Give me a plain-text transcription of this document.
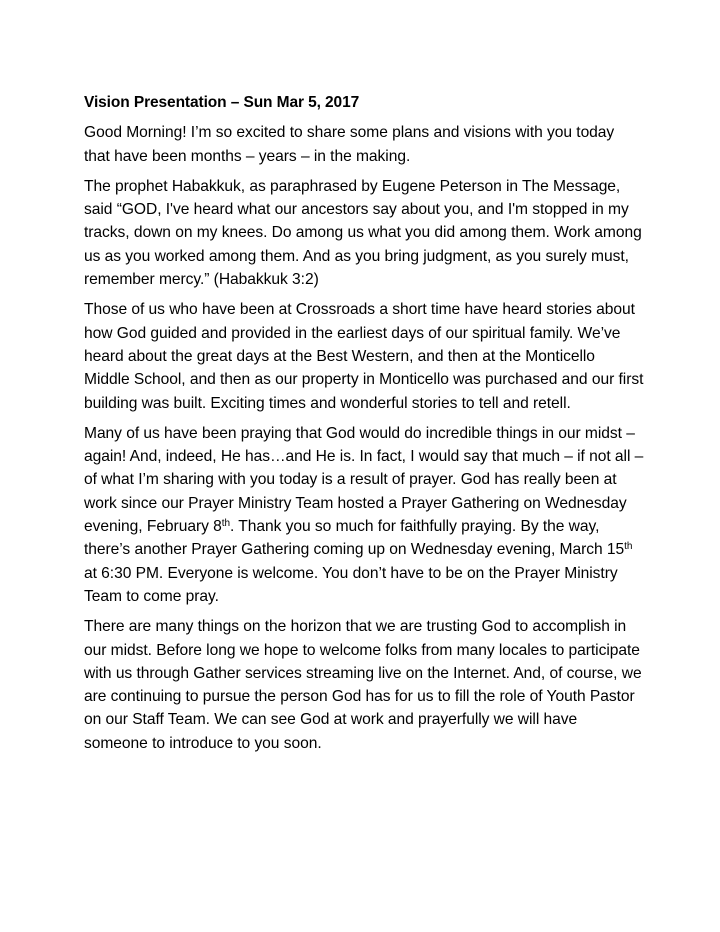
Vision Presentation – Sun Mar 5, 2017

Good Morning! I’m so excited to share some plans and visions with you today that have been months – years – in the making.

The prophet Habakkuk, as paraphrased by Eugene Peterson in The Message, said “GOD, I've heard what our ancestors say about you, and I'm stopped in my tracks, down on my knees. Do among us what you did among them. Work among us as you worked among them. And as you bring judgment, as you surely must, remember mercy.” (Habakkuk 3:2)

Those of us who have been at Crossroads a short time have heard stories about how God guided and provided in the earliest days of our spiritual family. We’ve heard about the great days at the Best Western, and then at the Monticello Middle School, and then as our property in Monticello was purchased and our first building was built. Exciting times and wonderful stories to tell and retell.

Many of us have been praying that God would do incredible things in our midst – again! And, indeed, He has…and He is. In fact, I would say that much – if not all – of what I’m sharing with you today is a result of prayer. God has really been at work since our Prayer Ministry Team hosted a Prayer Gathering on Wednesday evening, February 8th. Thank you so much for faithfully praying. By the way, there’s another Prayer Gathering coming up on Wednesday evening, March 15th at 6:30 PM. Everyone is welcome. You don’t have to be on the Prayer Ministry Team to come pray.

There are many things on the horizon that we are trusting God to accomplish in our midst. Before long we hope to welcome folks from many locales to participate with us through Gather services streaming live on the Internet. And, of course, we are continuing to pursue the person God has for us to fill the role of Youth Pastor on our Staff Team. We can see God at work and prayerfully we will have someone to introduce to you soon.
